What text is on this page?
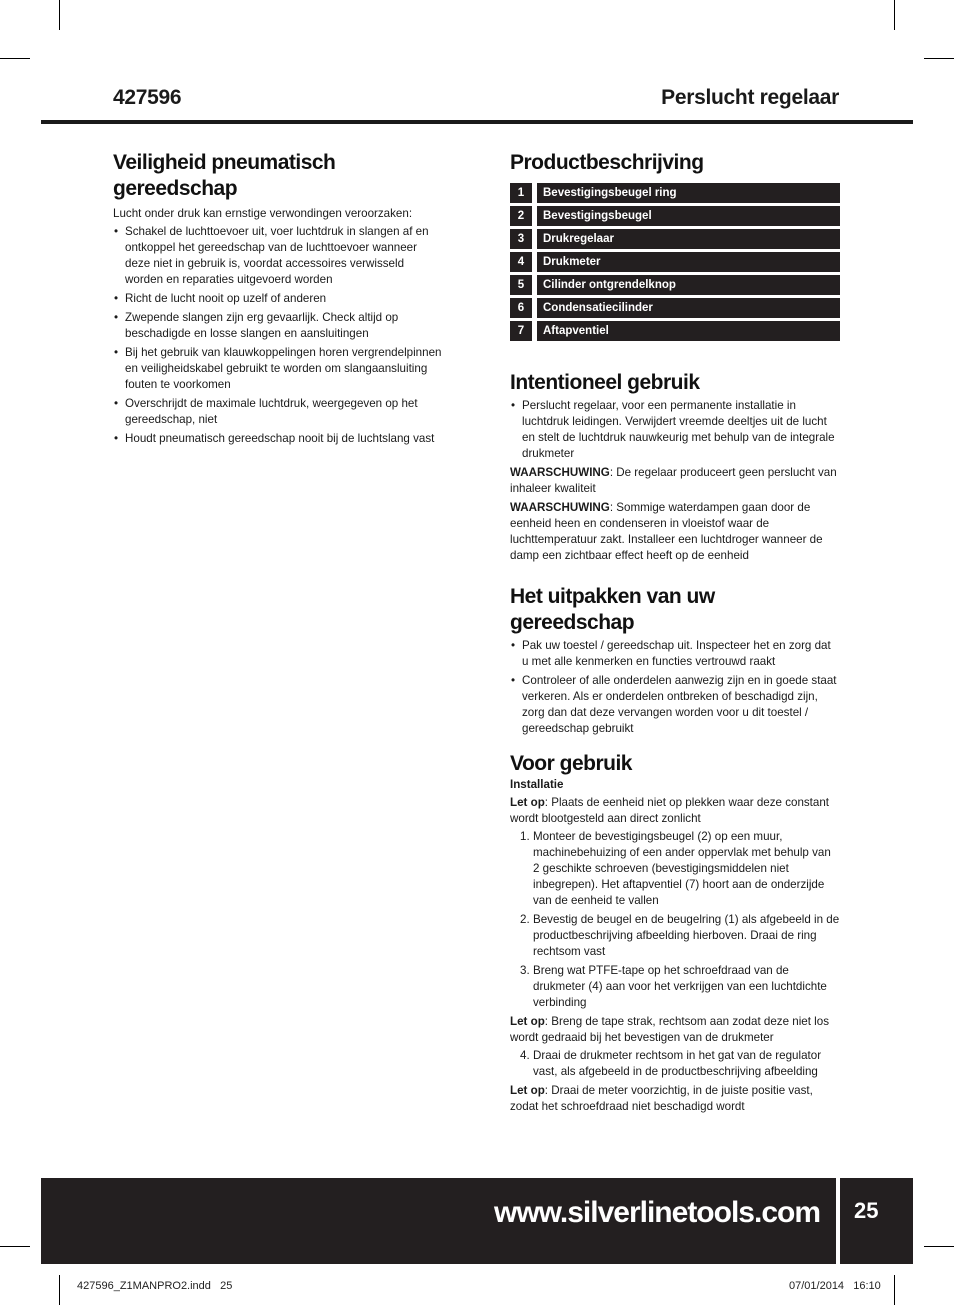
427596	Perslucht regelaar
Veiligheid pneumatisch
gereedschap

Lucht onder druk kan ernstige verwondingen veroorzaken:

• Schakel de luchttoevoer uit, voer luchtdruk in slangen af en ontkoppel het gereedschap van de luchttoevoer wanneer deze niet in gebruik is, voordat accessoires verwisseld worden en reparaties uitgevoerd worden
• Richt de lucht nooit op uzelf of anderen
• Zwepende slangen zijn erg gevaarlijk. Check altijd op beschadigde en losse slangen en aansluitingen
• Bij het gebruik van klauwkoppelingen horen vergrendelpinnen en veiligheidskabel gebruikt te worden om slangaansluiting fouten te voorkomen
• Overschrijdt de maximale luchtdruk, weergegeven op het gereedschap, niet
• Houdt pneumatisch gereedschap nooit bij de luchtslang vast
Productbeschrijving
1		Bevestigingsbeugel ring
2		Bevestigingsbeugel
3		Drukregelaar
4		Drukmeter
5		Cilinder ontgrendelknop
6		Condensatiecilinder
7		Aftapventiel
Intentioneel gebruik
• Perslucht regelaar, voor een permanente installatie in luchtdruk leidingen. Verwijdert vreemde deeltjes uit de lucht en stelt de luchtdruk nauwkeurig met behulp van de integrale drukmeter

WAARSCHUWING: De regelaar produceert geen perslucht van inhaleer kwaliteit

WAARSCHUWING: Sommige waterdampen gaan door de eenheid heen en condenseren in vloeistof waar de luchttemperatuur zakt. Installeer een luchtdroger wanneer de damp een zichtbaar effect heeft op de eenheid

Het uitpakken van uw
gereedschap
• Pak uw toestel / gereedschap uit. Inspecteer het en zorg dat u met alle kenmerken en functies vertrouwd raakt
• Controleer of alle onderdelen aanwezig zijn en in goede staat verkeren. Als er onderdelen ontbreken of beschadigd zijn, zorg dan dat deze vervangen worden voor u dit toestel / gereedschap gebruikt
Voor gebruik

Installatie

Let op: Plaats de eenheid niet op plekken waar deze constant wordt blootgesteld aan direct zonlicht

1. Monteer de bevestigingsbeugel (2) op een muur, machinebehuizing of een ander oppervlak met behulp van 2 geschikte schroeven (bevestigingsmiddelen niet inbegrepen). Het aftapventiel (7) hoort aan de onderzijde van de eenheid te vallen
2. Bevestig de beugel en de beugelring (1) als afgebeeld in de productbeschrijving afbeelding hierboven. Draai de ring rechtsom vast
3. Breng wat PTFE-tape op het schroefdraad van de drukmeter (4) aan voor het verkrijgen van een luchtdichte verbinding

Let op: Breng de tape strak, rechtsom aan zodat deze niet los wordt gedraaid bij het bevestigen van de drukmeter

4. Draai de drukmeter rechtsom in het gat van de regulator vast, als afgebeeld in de productbeschrijving afbeelding

Let op: Draai de meter voorzichtig, in de juiste positie vast, zodat het schroefdraad niet beschadigd wordt

www.silverlinetools.com 25
427596_Z1MANPRO2.indd   25	07/01/2014   16:10
